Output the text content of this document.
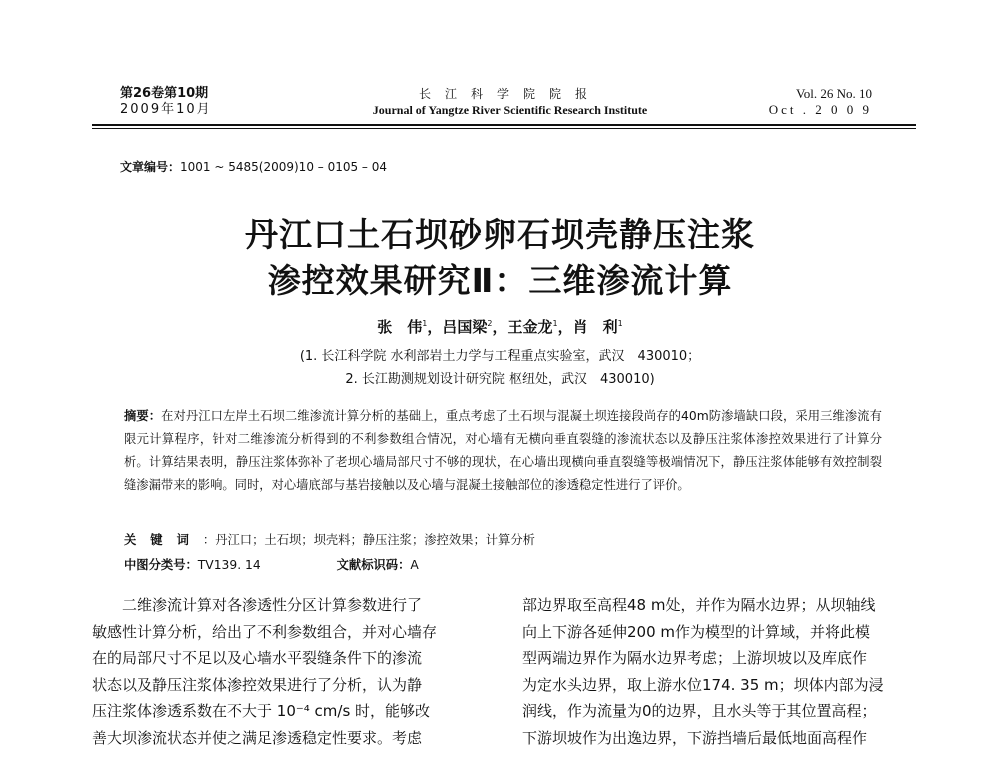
第26卷第10期
2009年10月
长江科学院院报
Journal of Yangtze River Scientific Research Institute
Vol. 26 No. 10
Oct . 2 0 0 9
文章编号：1001 ~ 5485(2009)10 – 0105 – 04
丹江口土石坝砂卵石坝壳静压注浆
渗控效果研究Ⅱ：三维渗流计算
张　伟$^1$，吕国梁$^2$，王金龙$^1$，肖　利$^1$
(1. 长江科学院 水利部岩土力学与工程重点实验室，武汉　430010；
2. 长江勘测规划设计研究院 枢纽处，武汉　430010)
摘要：在对丹江口左岸土石坝二维渗流计算分析的基础上，重点考虑了土石坝与混凝土坝连接段尚存的40m防渗墙缺口段，采用三维渗流有限元计算程序，针对二维渗流分析得到的不利参数组合情况，对心墙有无横向垂直裂缝的渗流状态以及静压注浆体渗控效果进行了计算分析。计算结果表明，静压注浆体弥补了老坝心墙局部尺寸不够的现状，在心墙出现横向垂直裂缝等极端情况下，静压注浆体能够有效控制裂缝渗漏带来的影响。同时，对心墙底部与基岩接触以及心墙与混凝土接触部位的渗透稳定性进行了评价。
关键词：丹江口；土石坝；坝壳料；静压注浆；渗控效果；计算分析
中图分类号：TV139. 14	文献标识码：A
二维渗流计算对各渗透性分区计算参数进行了
敏感性计算分析，给出了不利参数组合，并对心墙存
在的局部尺寸不足以及心墙水平裂缝条件下的渗流
状态以及静压注浆体渗控效果进行了分析，认为静
压注浆体渗透系数在不大于 10⁻⁴ cm/s 时，能够改
善大坝渗流状态并使之满足渗透稳定性要求。考虑
部边界取至高程48 m处，并作为隔水边界；从坝轴线
向上下游各延伸200 m作为模型的计算域，并将此模
型两端边界作为隔水边界考虑；上游坝坡以及库底作
为定水头边界，取上游水位174. 35 m；坝体内部为浸
润线，作为流量为0的边界，且水头等于其位置高程；
下游坝坡作为出逸边界，下游挡墙后最低地面高程作
